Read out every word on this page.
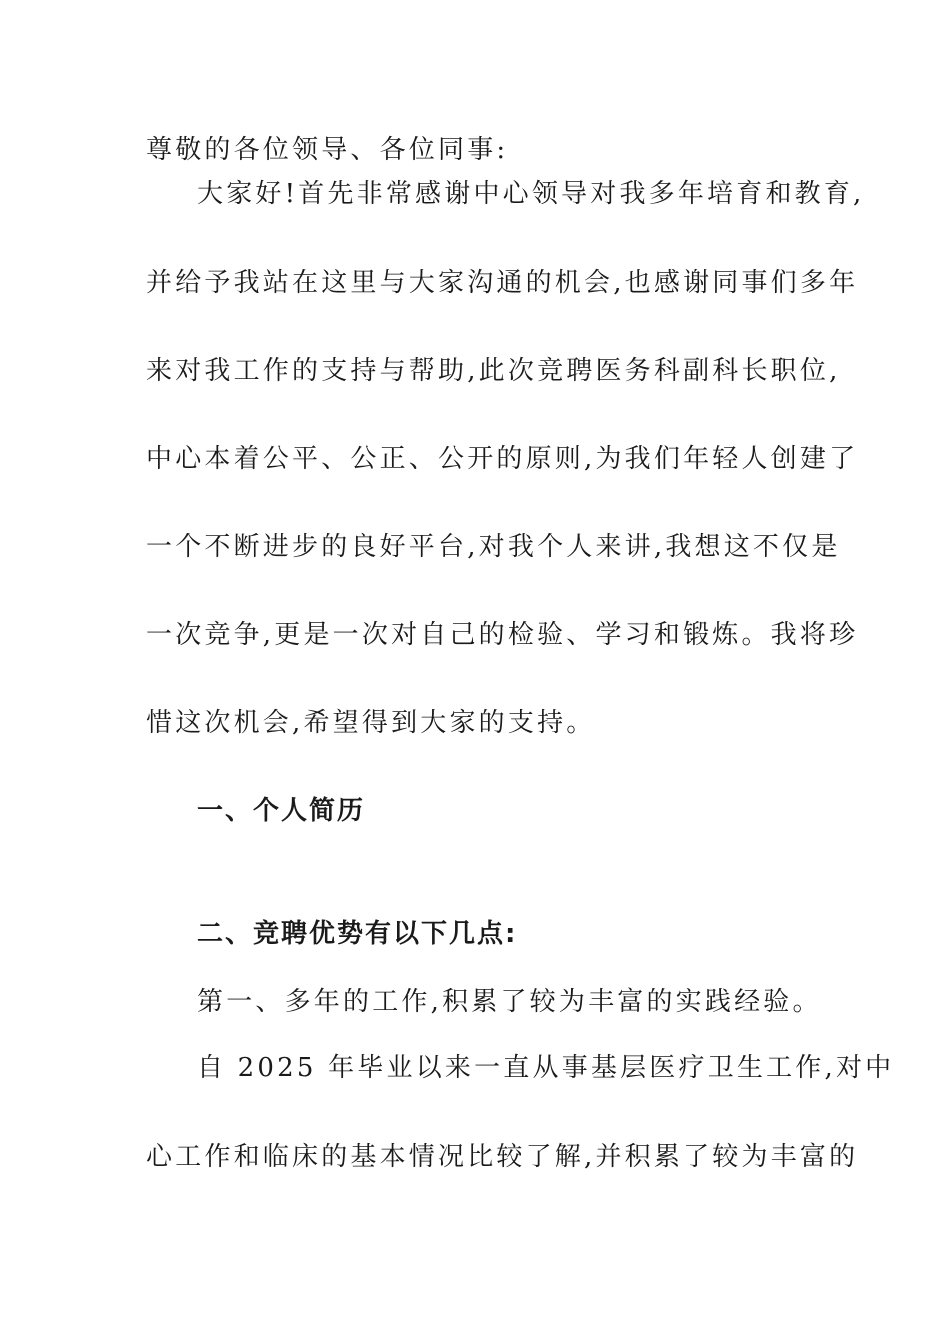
尊敬的各位领导、各位同事:
大家好!首先非常感谢中心领导对我多年培育和教育,
并给予我站在这里与大家沟通的机会,也感谢同事们多年
来对我工作的支持与帮助,此次竞聘医务科副科长职位,
中心本着公平、公正、公开的原则,为我们年轻人创建了
一个不断进步的良好平台,对我个人来讲,我想这不仅是
一次竞争,更是一次对自己的检验、学习和锻炼。我将珍
惜这次机会,希望得到大家的支持。
一、个人简历
二、竞聘优势有以下几点:
第一、多年的工作,积累了较为丰富的实践经验。
自 2025 年毕业以来一直从事基层医疗卫生工作,对中
心工作和临床的基本情况比较了解,并积累了较为丰富的
